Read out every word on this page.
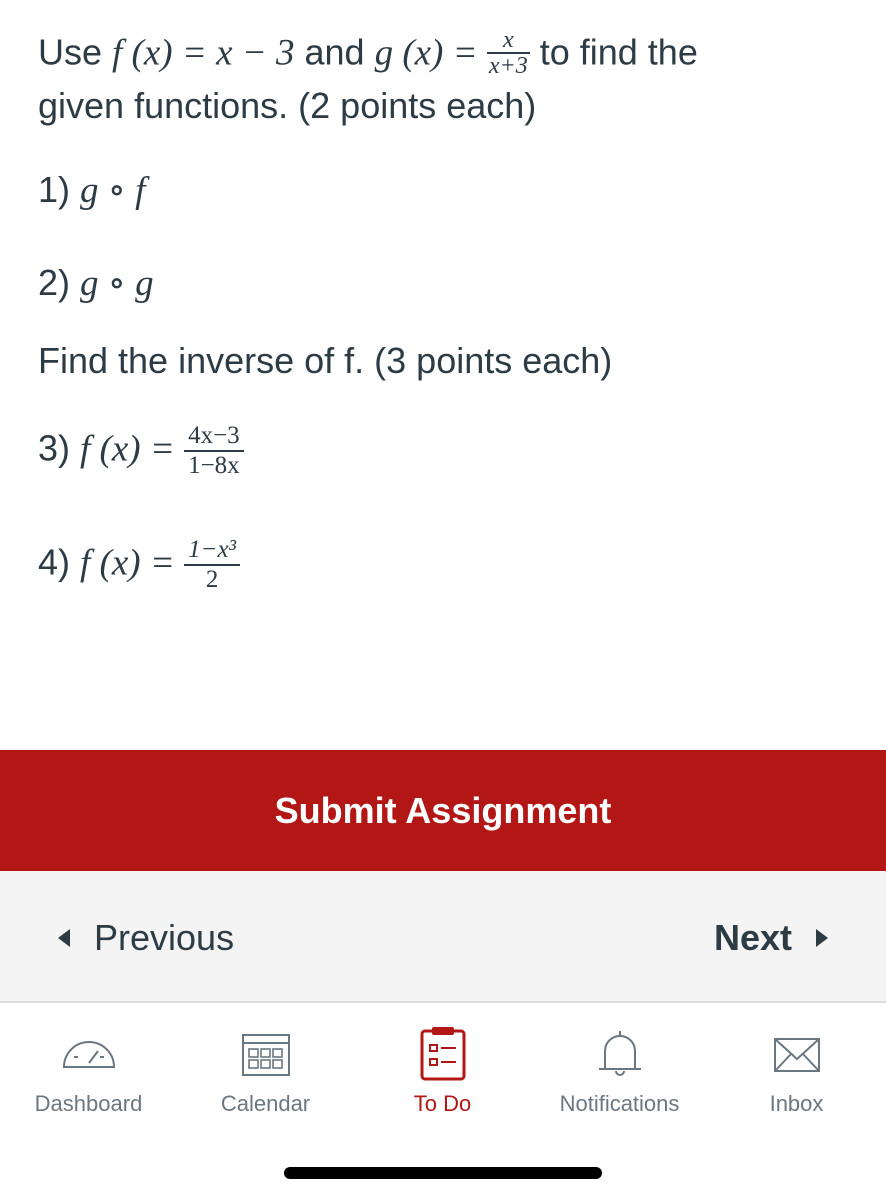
Use f (x) = x − 3 and g $(x) = \frac{x}{x+3}$ to find the
given functions. (2 points each)
1) g ∘ f
2) g ∘ g
Find the inverse of f. (3 points each)
3) f $(x) = \frac{4x-3}{1-8x}$
4) f $(x) = \frac{\text{1−x³}}{2}$
Submit Assignment
Previous	Next
Dashboard	Calendar	To Do	Notifications	Inbox
